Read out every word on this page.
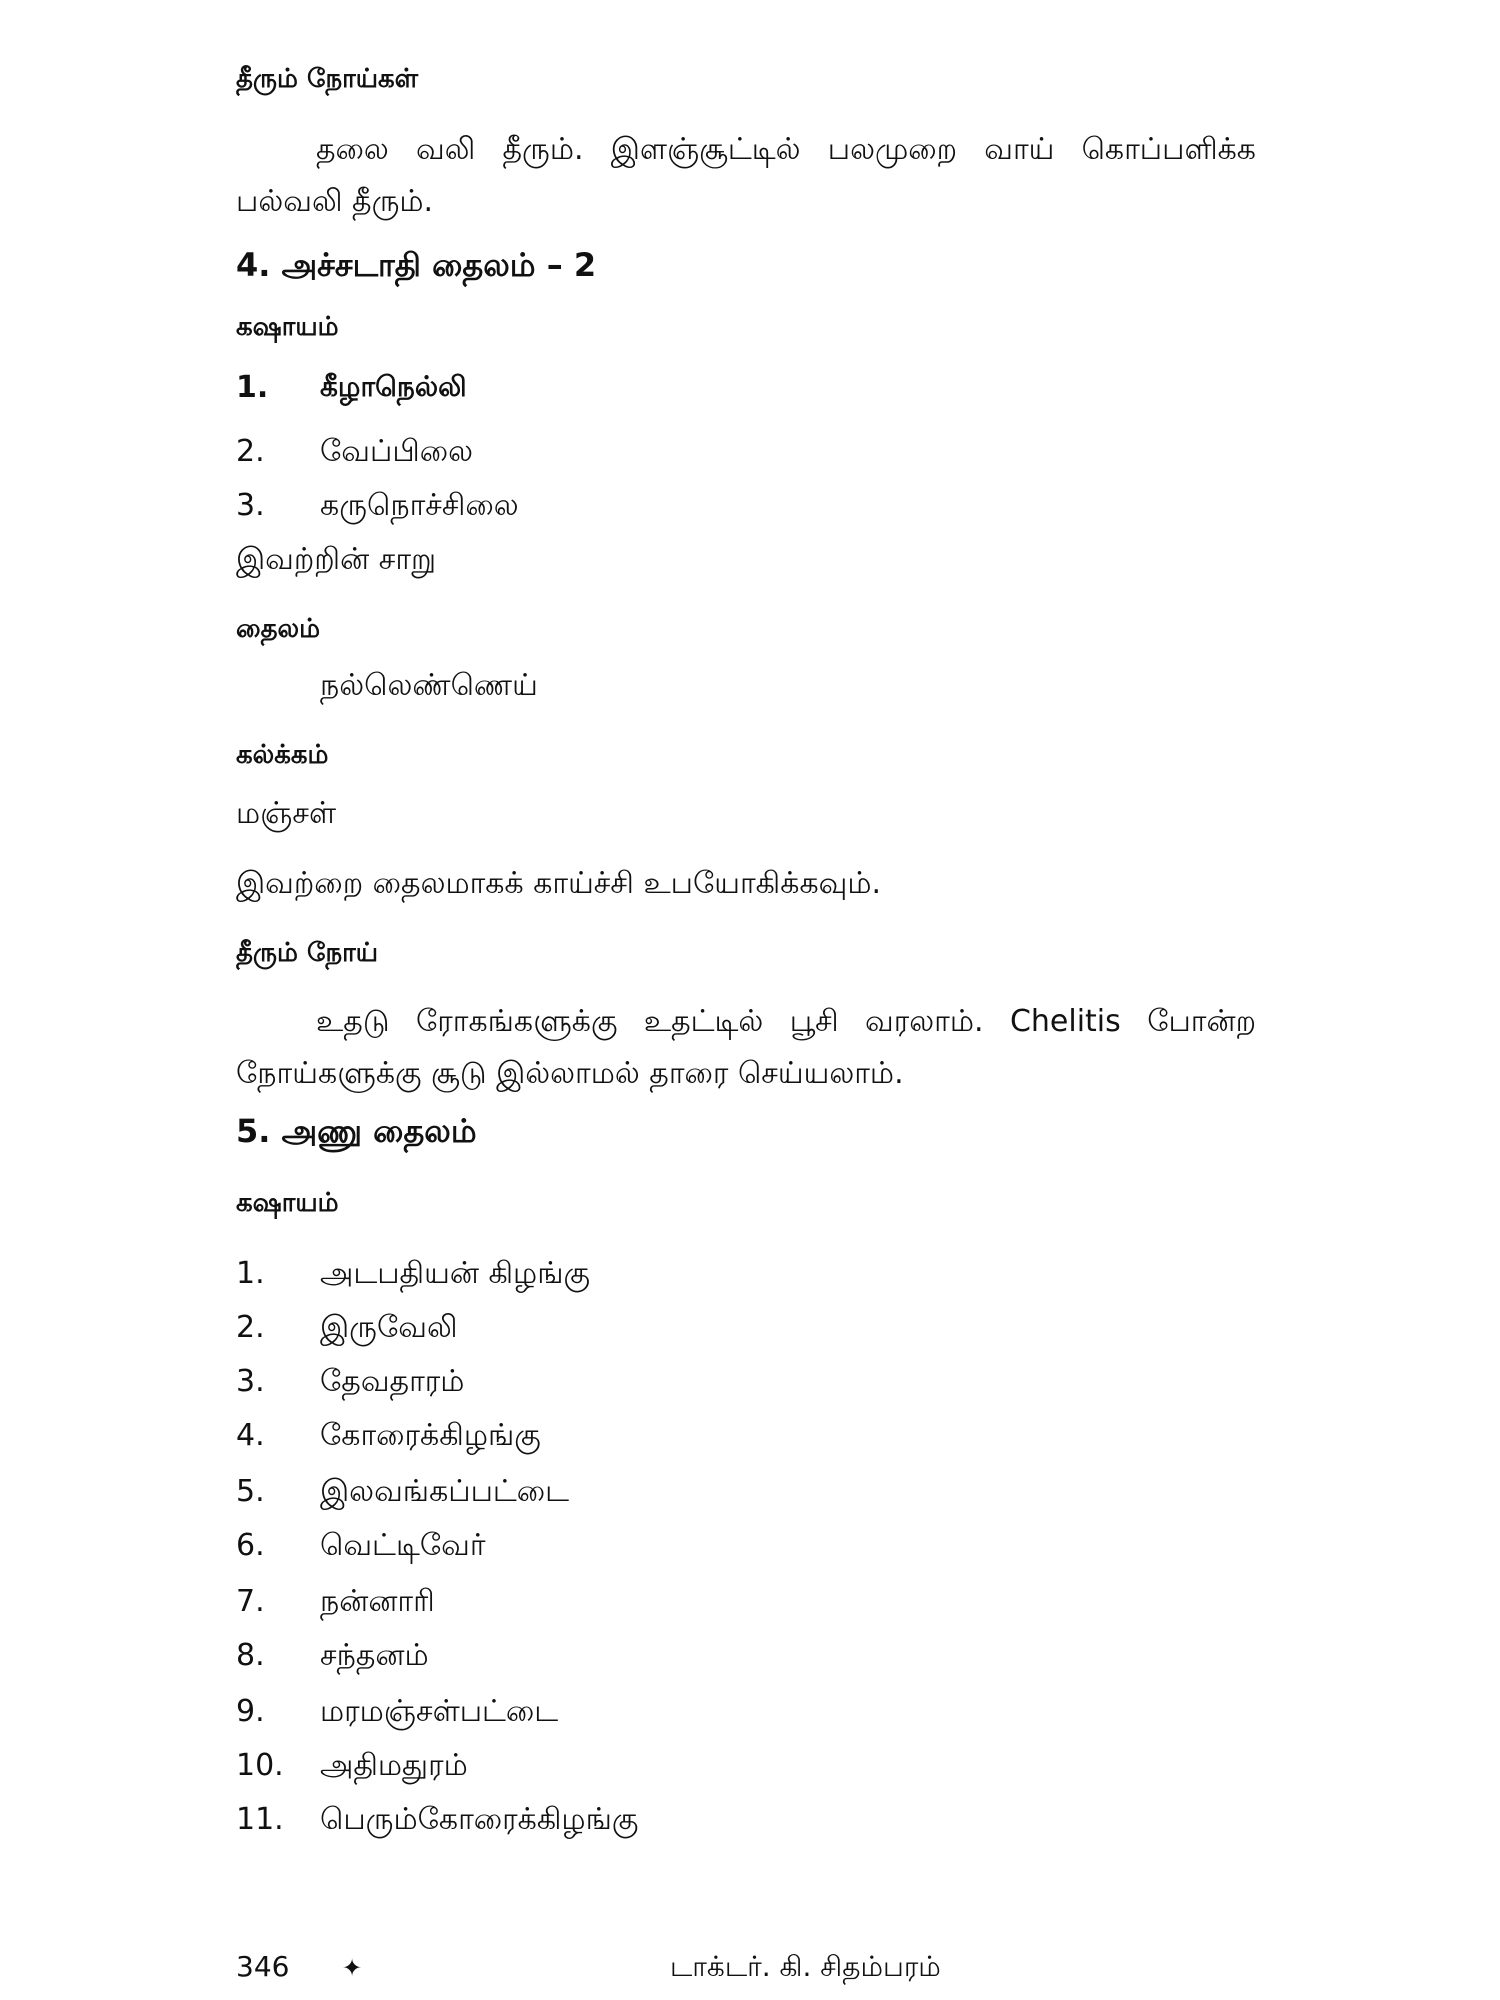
தீரும் நோய்கள்
தலை வலி தீரும். இளஞ்சூட்டில் பலமுறை வாய் கொப்பளிக்க பல்வலி தீரும்.
4. அச்சடாதி தைலம் – 2
கஷாயம்
1. கீழாநெல்லி
2. வேப்பிலை
3. கருநொச்சிலை
இவற்றின் சாறு
தைலம்
நல்லெண்ணெய்
கல்க்கம்
மஞ்சள்
இவற்றை தைலமாகக் காய்ச்சி உபயோகிக்கவும்.
தீரும் நோய்
உதடு ரோகங்களுக்கு உதட்டில் பூசி வரலாம். Chelitis போன்ற நோய்களுக்கு சூடு இல்லாமல் தாரை செய்யலாம்.
5. அணு தைலம்
கஷாயம்
1. அடபதியன் கிழங்கு
2. இருவேலி
3. தேவதாரம்
4. கோரைக்கிழங்கு
5. இலவங்கப்பட்டை
6. வெட்டிவேர்
7. நன்னாரி
8. சந்தனம்
9. மரமஞ்சள்பட்டை
10. அதிமதுரம்
11. பெரும்கோரைக்கிழங்கு
346 ✦	டாக்டர். கி. சிதம்பரம்
